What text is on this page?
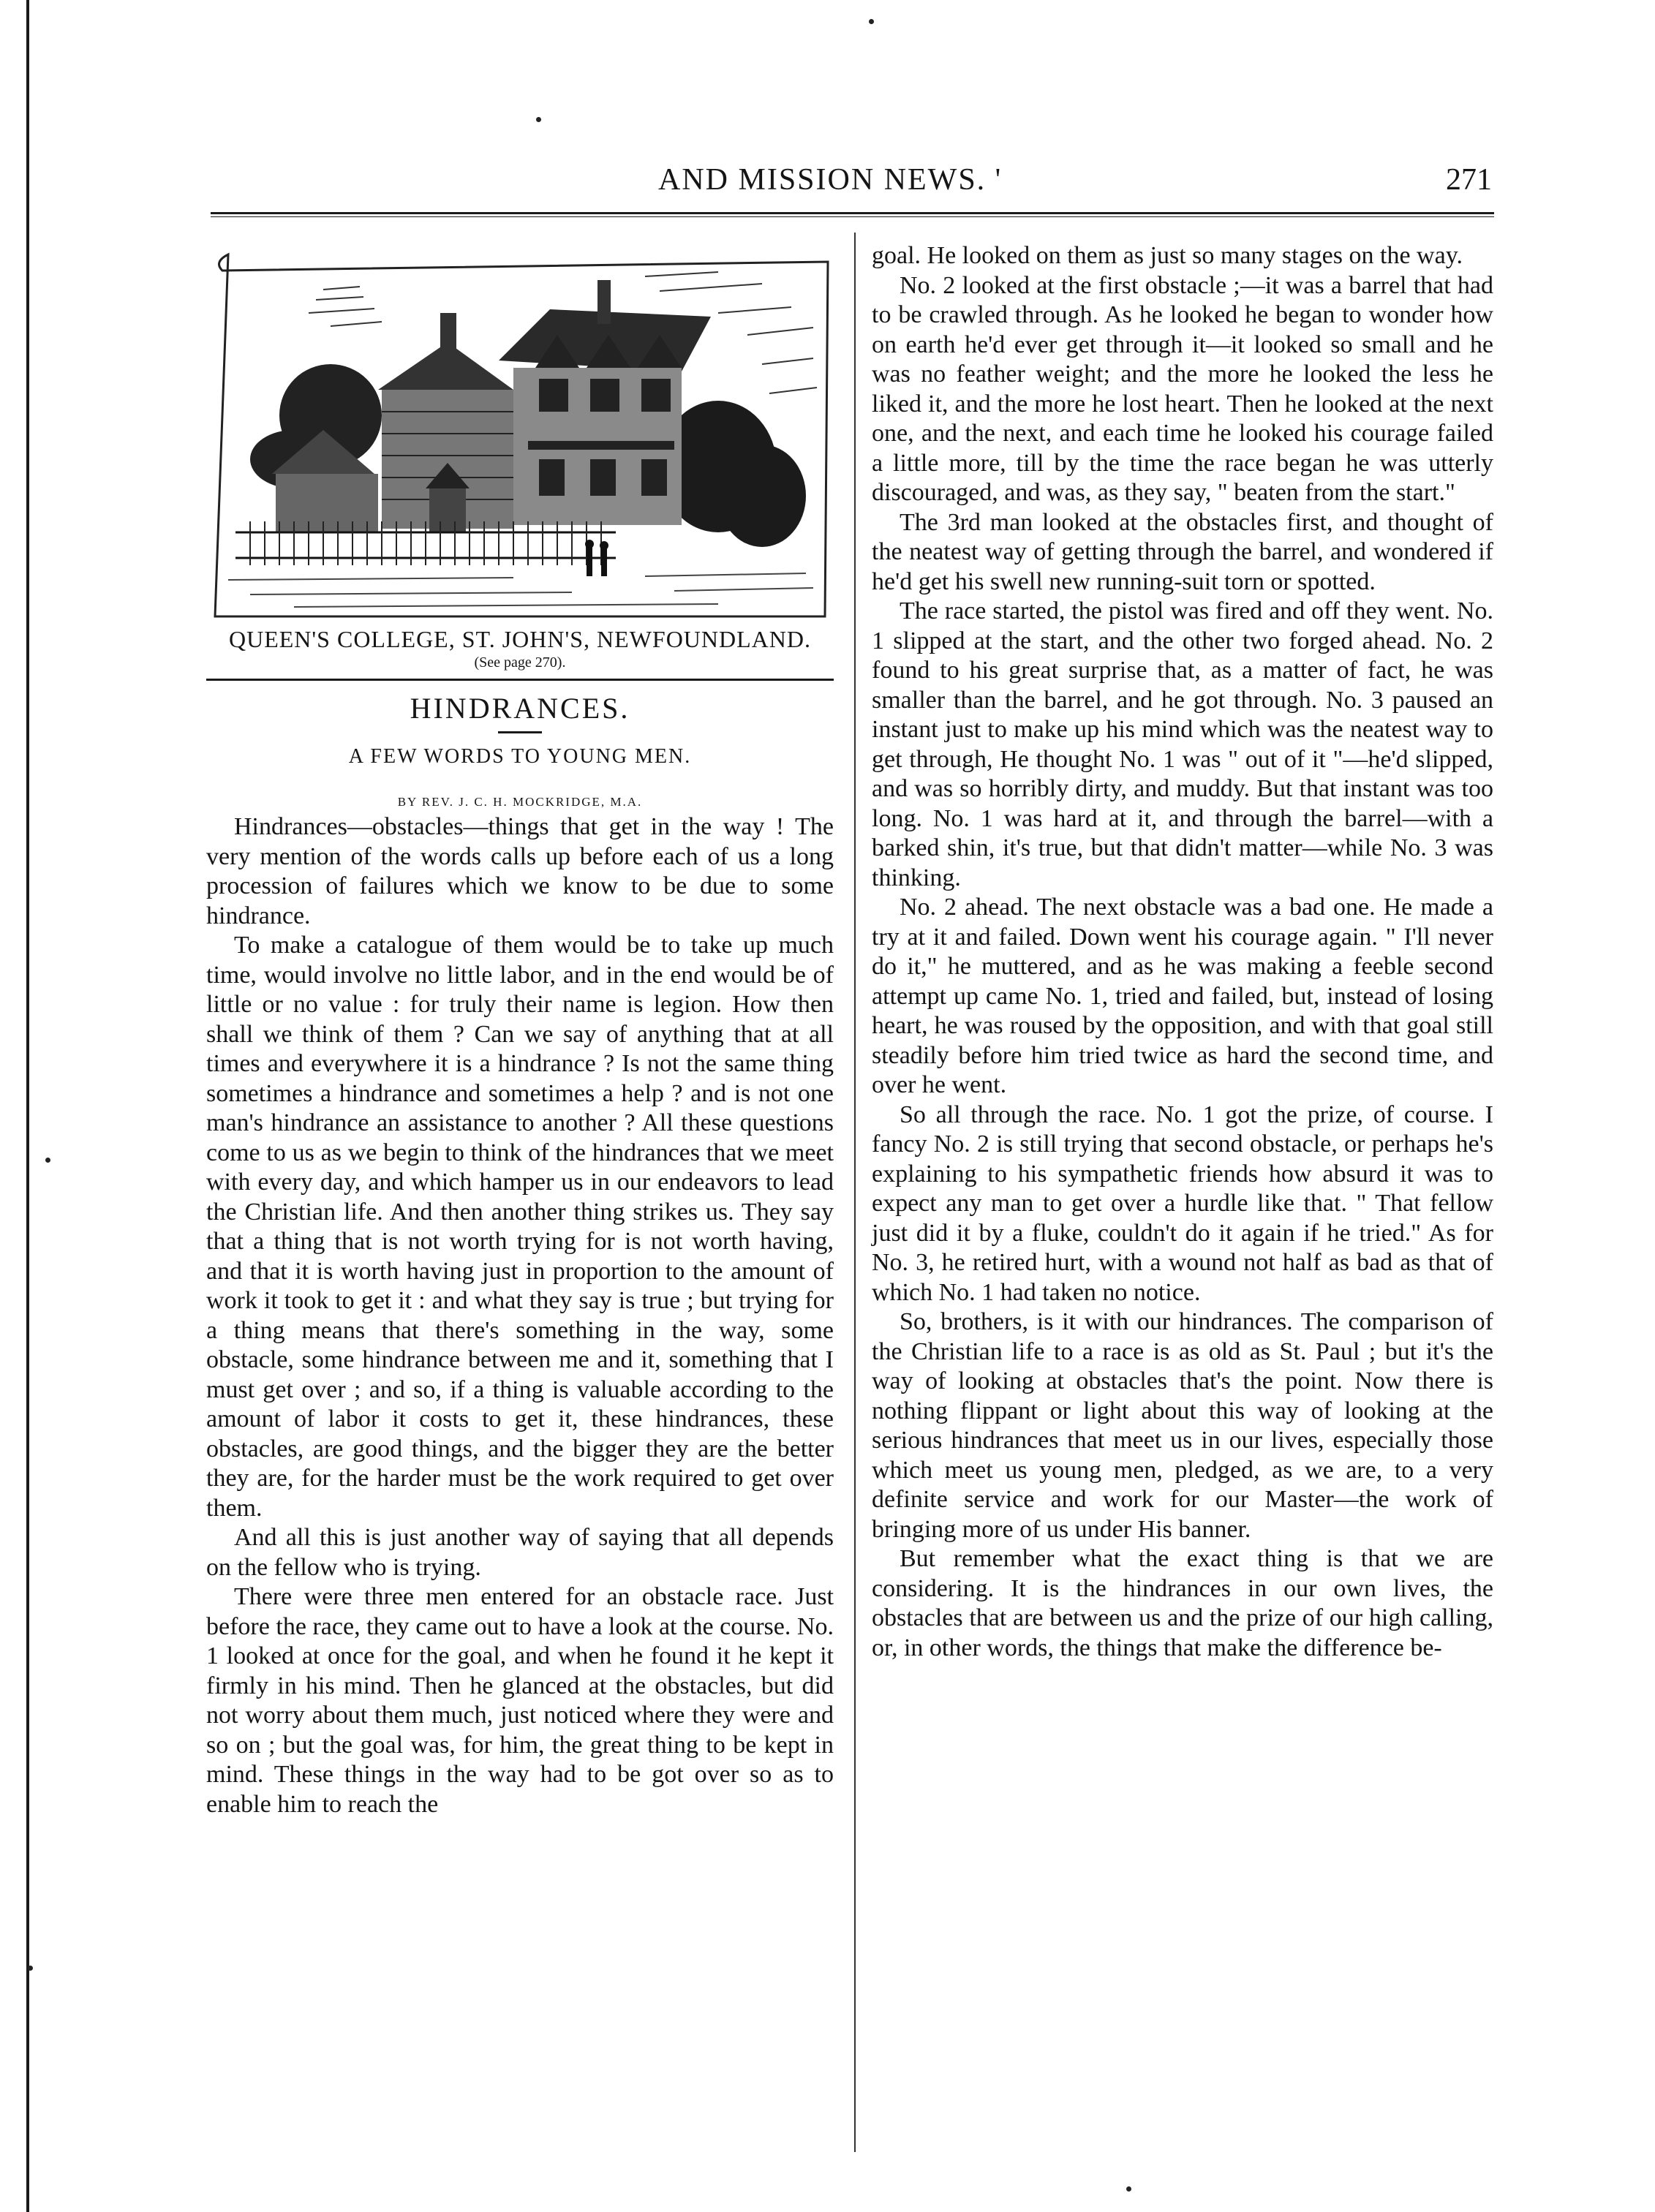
AND MISSION NEWS. '	271
QUEEN'S COLLEGE, ST. JOHN'S, NEWFOUNDLAND.
(See page 270).
HINDRANCES.
A FEW WORDS TO YOUNG MEN.
BY REV. J. C. H. MOCKRIDGE, M.A.

Hindrances—obstacles—things that get in the way ! The very mention of the words calls up before each of us a long procession of failures which we know to be due to some hindrance.

To make a catalogue of them would be to take up much time, would involve no little labor, and in the end would be of little or no value : for truly their name is legion. How then shall we think of them ? Can we say of anything that at all times and everywhere it is a hindrance ? Is not the same thing sometimes a hindrance and sometimes a help ? and is not one man's hindrance an assistance to another ? All these questions come to us as we begin to think of the hindrances that we meet with every day, and which hamper us in our endeavors to lead the Christian life. And then another thing strikes us. They say that a thing that is not worth trying for is not worth having, and that it is worth having just in proportion to the amount of work it took to get it : and what they say is true ; but trying for a thing means that there's something in the way, some obstacle, some hindrance between me and it, something that I must get over ; and so, if a thing is valuable according to the amount of labor it costs to get it, these hindrances, these obstacles, are good things, and the bigger they are the better they are, for the harder must be the work required to get over them.

And all this is just another way of saying that all depends on the fellow who is trying.

There were three men entered for an obstacle race. Just before the race, they came out to have a look at the course. No. 1 looked at once for the goal, and when he found it he kept it firmly in his mind. Then he glanced at the obstacles, but did not worry about them much, just noticed where they were and so on ; but the goal was, for him, the great thing to be kept in mind. These things in the way had to be got over so as to enable him to reach the

goal. He looked on them as just so many stages on the way.

No. 2 looked at the first obstacle ;—it was a barrel that had to be crawled through. As he looked he began to wonder how on earth he'd ever get through it—it looked so small and he was no feather weight; and the more he looked the less he liked it, and the more he lost heart. Then he looked at the next one, and the next, and each time he looked his courage failed a little more, till by the time the race began he was utterly discouraged, and was, as they say, " beaten from the start."

The 3rd man looked at the obstacles first, and thought of the neatest way of getting through the barrel, and wondered if he'd get his swell new running-suit torn or spotted.

The race started, the pistol was fired and off they went. No. 1 slipped at the start, and the other two forged ahead. No. 2 found to his great surprise that, as a matter of fact, he was smaller than the barrel, and he got through. No. 3 paused an instant just to make up his mind which was the neatest way to get through, He thought No. 1 was " out of it "—he'd slipped, and was so horribly dirty, and muddy. But that instant was too long. No. 1 was hard at it, and through the barrel—with a barked shin, it's true, but that didn't matter—while No. 3 was thinking.

No. 2 ahead. The next obstacle was a bad one. He made a try at it and failed. Down went his courage again. " I'll never do it," he muttered, and as he was making a feeble second attempt up came No. 1, tried and failed, but, instead of losing heart, he was roused by the opposition, and with that goal still steadily before him tried twice as hard the second time, and over he went.

So all through the race. No. 1 got the prize, of course. I fancy No. 2 is still trying that second obstacle, or perhaps he's explaining to his sympathetic friends how absurd it was to expect any man to get over a hurdle like that. " That fellow just did it by a fluke, couldn't do it again if he tried." As for No. 3, he retired hurt, with a wound not half as bad as that of which No. 1 had taken no notice.

So, brothers, is it with our hindrances. The comparison of the Christian life to a race is as old as St. Paul ; but it's the way of looking at obstacles that's the point. Now there is nothing flippant or light about this way of looking at the serious hindrances that meet us in our lives, especially those which meet us young men, pledged, as we are, to a very definite service and work for our Master—the work of bringing more of us under His banner.

But remember what the exact thing is that we are considering. It is the hindrances in our own lives, the obstacles that are between us and the prize of our high calling, or, in other words, the things that make the difference be-
